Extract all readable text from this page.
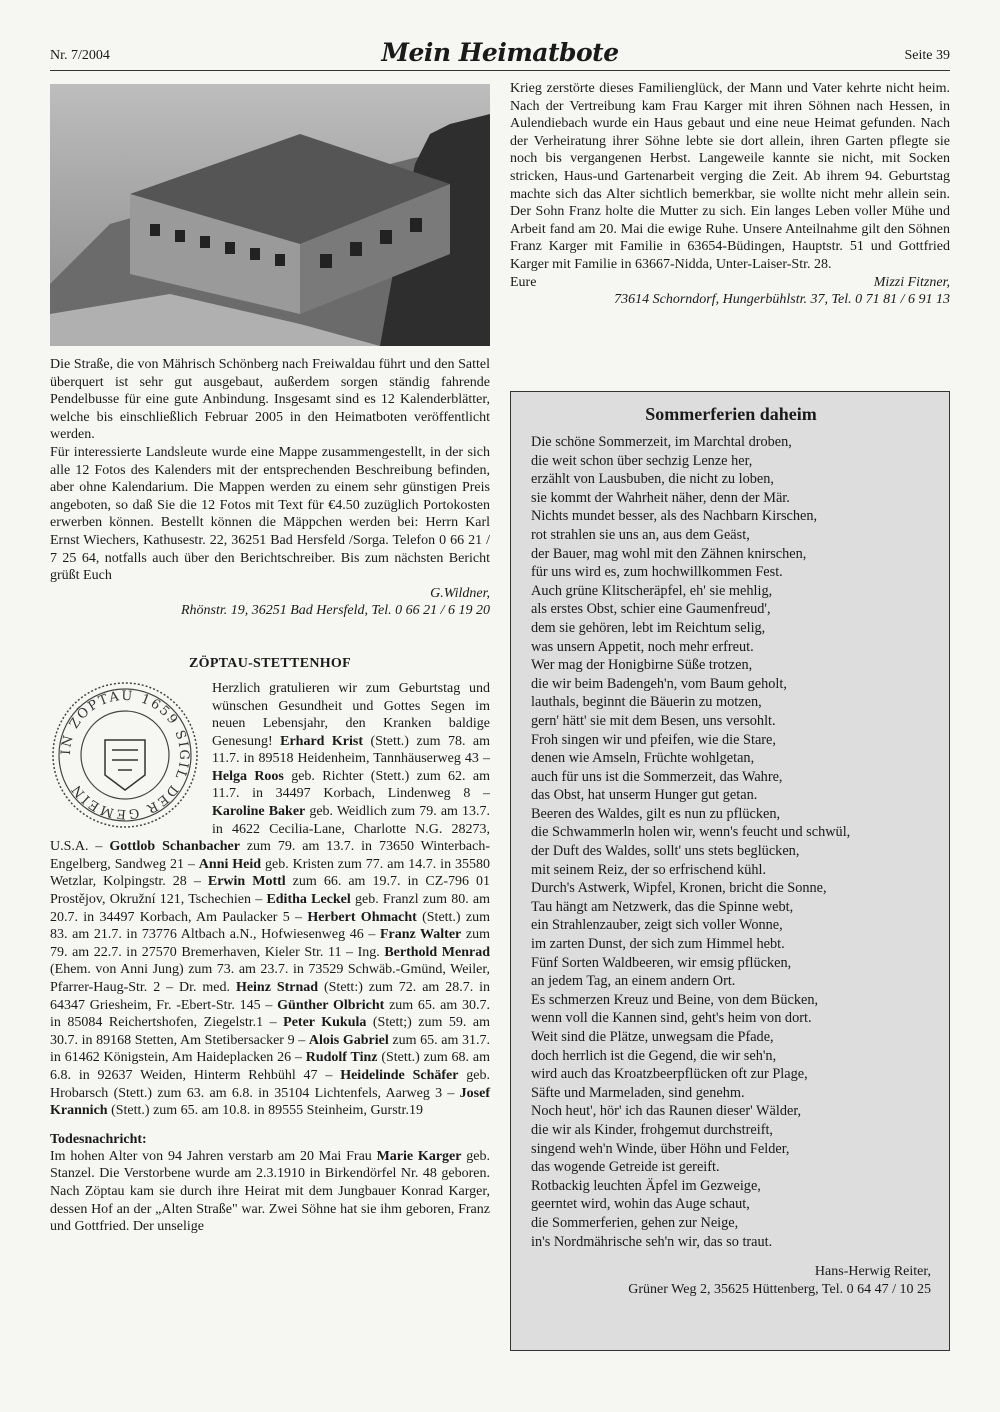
Nr. 7/2004	Mein Heimatbote	Seite 39

Die Straße, die von Mährisch Schönberg nach Freiwaldau führt und den Sattel überquert ist sehr gut ausgebaut, außerdem sorgen ständig fahrende Pendelbusse für eine gute Anbindung. Insgesamt sind es 12 Kalenderblätter, welche bis einschließlich Februar 2005 in den Heimatboten veröffentlicht werden.

Für interessierte Landsleute wurde eine Mappe zusammengestellt, in der sich alle 12 Fotos des Kalenders mit der entsprechenden Beschreibung befinden, aber ohne Kalendarium. Die Mappen werden zu einem sehr günstigen Preis angeboten, so daß Sie die 12 Fotos mit Text für €4.50 zuzüglich Portokosten erwerben können. Bestellt können die Mäppchen werden bei: Herrn Karl Ernst Wiechers, Kathusestr. 22, 36251 Bad Hersfeld /Sorga. Telefon 0 66 21 / 7 25 64, notfalls auch über den Berichtschreiber. Bis zum nächsten Bericht grüßt Euch

G.Wildner,
Rhönstr. 19, 36251 Bad Hersfeld, Tel. 0 66 21 / 6 19 20
ZÖPTAU-STETTENHOF
IN ZÖPTAU 1659 SIGIL DER GEMEIN

Herzlich gratulieren wir zum Geburtstag und wünschen Gesundheit und Gottes Segen im neuen Lebensjahr, den Kranken baldige Genesung! Erhard Krist (Stett.) zum 78. am 11.7. in 89518 Heidenheim, Tannhäuserweg 43 – Helga Roos geb. Richter (Stett.) zum 62. am 11.7. in 34497 Korbach, Lindenweg 8 – Karoline Baker geb. Weidlich zum 79. am 13.7. in 4622 Cecilia-Lane, Charlotte N.G. 28273, U.S.A. – Gottlob Schanbacher zum 79. am 13.7. in 73650 Winterbach-Engelberg, Sandweg 21 – Anni Heid geb. Kristen zum 77. am 14.7. in 35580 Wetzlar, Kolpingstr. 28 – Erwin Mottl zum 66. am 19.7. in CZ-796 01 Prostějov, Okružní 121, Tschechien – Editha Leckel geb. Franzl zum 80. am 20.7. in 34497 Korbach, Am Paulacker 5 – Herbert Ohmacht (Stett.) zum 83. am 21.7. in 73776 Altbach a.N., Hofwiesenweg 46 – Franz Walter zum 79. am 22.7. in 27570 Bremerhaven, Kieler Str. 11 – Ing. Berthold Menrad (Ehem. von Anni Jung) zum 73. am 23.7. in 73529 Schwäb.-Gmünd, Weiler, Pfarrer-Haug-Str. 2 – Dr. med. Heinz Strnad (Stett:) zum 72. am 28.7. in 64347 Griesheim, Fr. -Ebert-Str. 145 – Günther Olbricht zum 65. am 30.7. in 85084 Reichertshofen, Ziegelstr.1 – Peter Kukula (Stett;) zum 59. am 30.7. in 89168 Stetten, Am Stetibersacker 9 – Alois Gabriel zum 65. am 31.7. in 61462 Königstein, Am Haideplacken 26 – Rudolf Tinz (Stett.) zum 68. am 6.8. in 92637 Weiden, Hinterm Rehbühl 47 – Heidelinde Schäfer geb. Hrobarsch (Stett.) zum 63. am 6.8. in 35104 Lichtenfels, Aarweg 3 – Josef Krannich (Stett.) zum 65. am 10.8. in 89555 Steinheim, Gurstr.19

Todesnachricht:

Im hohen Alter von 94 Jahren verstarb am 20 Mai Frau Marie Karger geb. Stanzel. Die Verstorbene wurde am 2.3.1910 in Birkendörfel Nr. 48 geboren. Nach Zöptau kam sie durch ihre Heirat mit dem Jungbauer Konrad Karger, dessen Hof an der „Alten Straße" war. Zwei Söhne hat sie ihm geboren, Franz und Gottfried. Der unselige

Krieg zerstörte dieses Familienglück, der Mann und Vater kehrte nicht heim. Nach der Vertreibung kam Frau Karger mit ihren Söhnen nach Hessen, in Aulendiebach wurde ein Haus gebaut und eine neue Heimat gefunden. Nach der Verheiratung ihrer Söhne lebte sie dort allein, ihren Garten pflegte sie noch bis vergangenen Herbst. Langeweile kannte sie nicht, mit Socken stricken, Haus-und Gartenarbeit verging die Zeit. Ab ihrem 94. Geburtstag machte sich das Alter sichtlich bemerkbar, sie wollte nicht mehr allein sein. Der Sohn Franz holte die Mutter zu sich. Ein langes Leben voller Mühe und Arbeit fand am 20. Mai die ewige Ruhe. Unsere Anteilnahme gilt den Söhnen Franz Karger mit Familie in 63654-Büdingen, Hauptstr. 51 und Gottfried Karger mit Familie in 63667-Nidda, Unter-Laiser-Str. 28.

Eure	Mizzi Fitzner,
73614 Schorndorf, Hungerbühlstr. 37, Tel. 0 71 81 / 6 91 13
Sommerferien daheim
Die schöne Sommerzeit, im Marchtal droben,
die weit schon über sechzig Lenze her,
erzählt von Lausbuben, die nicht zu loben,
sie kommt der Wahrheit näher, denn der Mär.
Nichts mundet besser, als des Nachbarn Kirschen,
rot strahlen sie uns an, aus dem Geäst,
der Bauer, mag wohl mit den Zähnen knirschen,
für uns wird es, zum hochwillkommen Fest.
Auch grüne Klitscheräpfel, eh' sie mehlig,
als erstes Obst, schier eine Gaumenfreud',
dem sie gehören, lebt im Reichtum selig,
was unsern Appetit, noch mehr erfreut.
Wer mag der Honigbirne Süße trotzen,
die wir beim Badengeh'n, vom Baum geholt,
lauthals, beginnt die Bäuerin zu motzen,
gern' hätt' sie mit dem Besen, uns versohlt.
Froh singen wir und pfeifen, wie die Stare,
denen wie Amseln, Früchte wohlgetan,
auch für uns ist die Sommerzeit, das Wahre,
das Obst, hat unserm Hunger gut getan.
Beeren des Waldes, gilt es nun zu pflücken,
die Schwammerln holen wir, wenn's feucht und schwül,
der Duft des Waldes, sollt' uns stets beglücken,
mit seinem Reiz, der so erfrischend kühl.
Durch's Astwerk, Wipfel, Kronen, bricht die Sonne,
Tau hängt am Netzwerk, das die Spinne webt,
ein Strahlenzauber, zeigt sich voller Wonne,
im zarten Dunst, der sich zum Himmel hebt.
Fünf Sorten Waldbeeren, wir emsig pflücken,
an jedem Tag, an einem andern Ort.
Es schmerzen Kreuz und Beine, von dem Bücken,
wenn voll die Kannen sind, geht's heim von dort.
Weit sind die Plätze, unwegsam die Pfade,
doch herrlich ist die Gegend, die wir seh'n,
wird auch das Kroatzbeerpflücken oft zur Plage,
Säfte und Marmeladen, sind genehm.
Noch heut', hör' ich das Raunen dieser' Wälder,
die wir als Kinder, frohgemut durchstreift,
singend weh'n Winde, über Höhn und Felder,
das wogende Getreide ist gereift.
Rotbackig leuchten Äpfel im Gezweige,
geerntet wird, wohin das Auge schaut,
die Sommerferien, gehen zur Neige,
in's Nordmährische seh'n wir, das so traut.
Hans-Herwig Reiter,
Grüner Weg 2, 35625 Hüttenberg, Tel. 0 64 47 / 10 25
